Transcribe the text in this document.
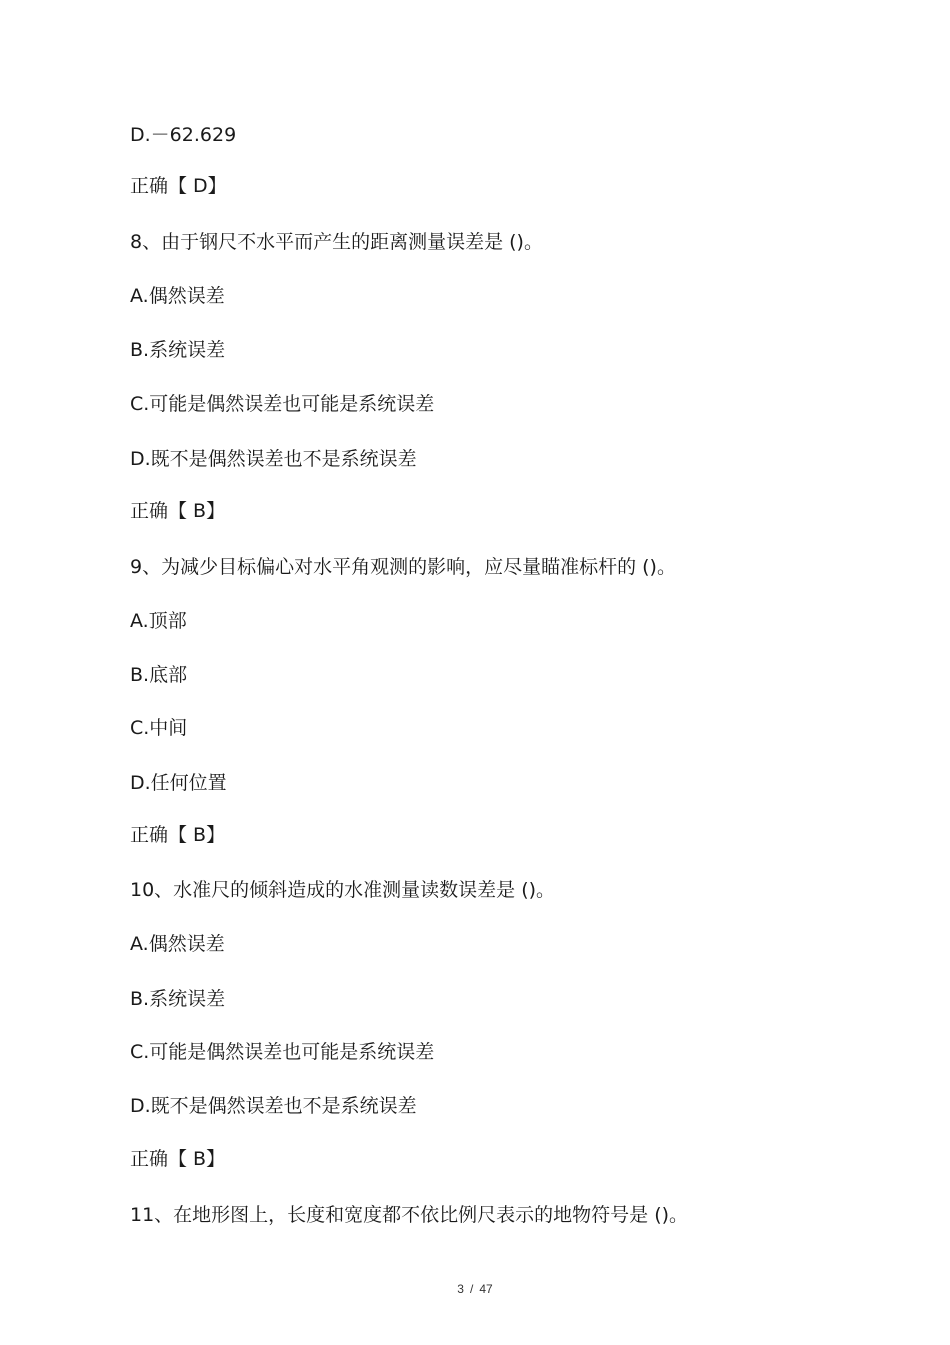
D.－62.629

正确【 D】

8、由于钢尺不水平而产生的距离测量误差是 ()。

A.偶然误差

B.系统误差

C.可能是偶然误差也可能是系统误差

D.既不是偶然误差也不是系统误差

正确【 B】

9、为减少目标偏心对水平角观测的影响，应尽量瞄准标杆的 ()。

A.顶部

B.底部

C.中间

D.任何位置

正确【 B】

10、水准尺的倾斜造成的水准测量读数误差是 ()。

A.偶然误差

B.系统误差

C.可能是偶然误差也可能是系统误差

D.既不是偶然误差也不是系统误差

正确【 B】

11、在地形图上，长度和宽度都不依比例尺表示的地物符号是 ()。

3 / 47
